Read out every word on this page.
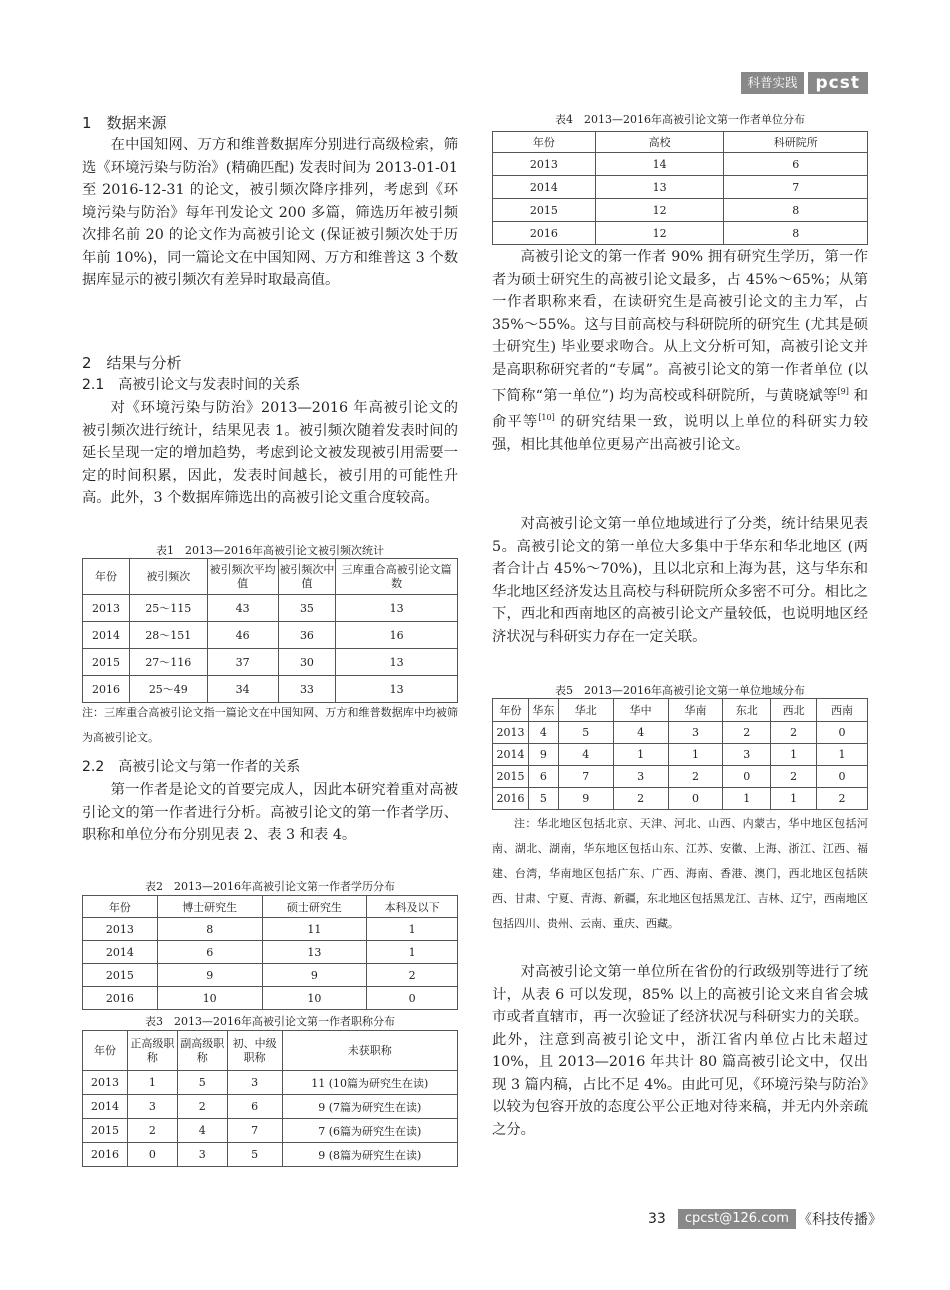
科普实践	pcst
1　数据来源

在中国知网、万方和维普数据库分别进行高级检索，筛选《环境污染与防治》(精确匹配) 发表时间为 2013-01-01 至 2016-12-31 的论文，被引频次降序排列，考虑到《环境污染与防治》每年刊发论文 200 多篇，筛选历年被引频次排名前 20 的论文作为高被引论文 (保证被引频次处于历年前 10%)，同一篇论文在中国知网、万方和维普这 3 个数据库显示的被引频次有差异时取最高值。

2　结果与分析
2.1　高被引论文与发表时间的关系

对《环境污染与防治》2013—2016 年高被引论文的被引频次进行统计，结果见表 1。被引频次随着发表时间的延长呈现一定的增加趋势，考虑到论文被发现被引用需要一定的时间积累，因此，发表时间越长，被引用的可能性升高。此外，3 个数据库筛选出的高被引论文重合度较高。

表1　2013—2016年高被引论文被引频次统计
年份	被引频次	被引频次平均值	被引频次中值	三库重合高被引论文篇数
2013	25～115	43	35	13
2014	28～151	46	36	16
2015	27～116	37	30	13
2016	25～49	34	33	13
注：三库重合高被引论文指一篇论文在中国知网、万方和维普数据库中均被筛为高被引论文。
2.2　高被引论文与第一作者的关系

第一作者是论文的首要完成人，因此本研究着重对高被引论文的第一作者进行分析。高被引论文的第一作者学历、职称和单位分布分别见表 2、表 3 和表 4。

表2　2013—2016年高被引论文第一作者学历分布
年份	博士研究生	硕士研究生	本科及以下
2013	8	11	1
2014	6	13	1
2015	9	9	2
2016	10	10	0
表3　2013—2016年高被引论文第一作者职称分布
年份	正高级职称	副高级职称	初、中级职称	未获职称
2013	1	5	3	11 (10篇为研究生在读)
2014	3	2	6	9 (7篇为研究生在读)
2015	2	4	7	7 (6篇为研究生在读)
2016	0	3	5	9 (8篇为研究生在读)
表4　2013—2016年高被引论文第一作者单位分布
年份	高校	科研院所
2013	14	6
2014	13	7
2015	12	8
2016	12	8

高被引论文的第一作者 90% 拥有研究生学历，第一作者为硕士研究生的高被引论文最多，占 45%～65%；从第一作者职称来看，在读研究生是高被引论文的主力军，占 35%～55%。这与目前高校与科研院所的研究生 (尤其是硕士研究生) 毕业要求吻合。从上文分析可知，高被引论文并是高职称研究者的“专属”。高被引论文的第一作者单位 (以下简称“第一单位”) 均为高校或科研院所，与黄晓斌等[9] 和俞平等[10] 的研究结果一致，说明以上单位的科研实力较强，相比其他单位更易产出高被引论文。

对高被引论文第一单位地域进行了分类，统计结果见表 5。高被引论文的第一单位大多集中于华东和华北地区 (两者合计占 45%～70%)，且以北京和上海为甚，这与华东和华北地区经济发达且高校与科研院所众多密不可分。相比之下，西北和西南地区的高被引论文产量较低，也说明地区经济状况与科研实力存在一定关联。

表5　2013—2016年高被引论文第一单位地域分布
年份	华东	华北	华中	华南	东北	西北	西南
2013	4	5	4	3	2	2	0
2014	9	4	1	1	3	1	1
2015	6	7	3	2	0	2	0
2016	5	9	2	0	1	1	2
注：华北地区包括北京、天津、河北、山西、内蒙古，华中地区包括河南、湖北、湖南，华东地区包括山东、江苏、安徽、上海、浙江、江西、福建、台湾，华南地区包括广东、广西、海南、香港、澳门，西北地区包括陕西、甘肃、宁夏、青海、新疆，东北地区包括黑龙江、吉林、辽宁，西南地区包括四川、贵州、云南、重庆、西藏。

对高被引论文第一单位所在省份的行政级别等进行了统计，从表 6 可以发现，85% 以上的高被引论文来自省会城市或者直辖市，再一次验证了经济状况与科研实力的关联。此外，注意到高被引论文中，浙江省内单位占比未超过 10%，且 2013—2016 年共计 80 篇高被引论文中，仅出现 3 篇内稿，占比不足 4%。由此可见，《环境污染与防治》以较为包容开放的态度公平公正地对待来稿，并无内外亲疏之分。

33	cpcst@126.com 《科技传播》
